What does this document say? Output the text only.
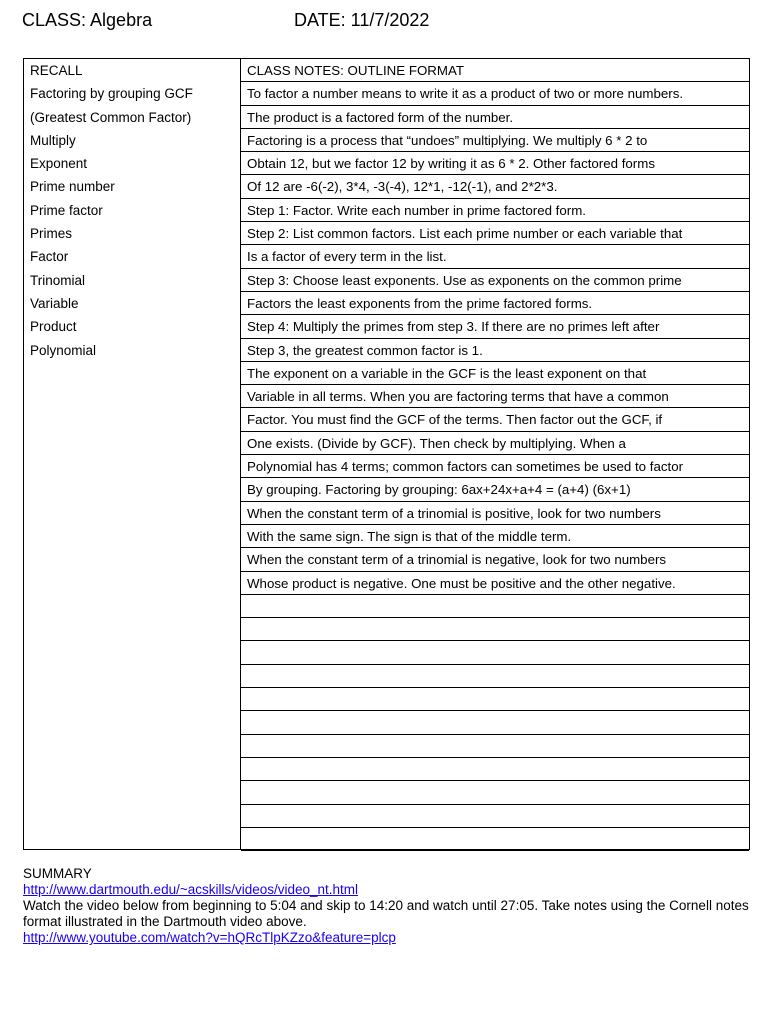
CLASS: Algebra	DATE: 11/7/2022
RECALL
Factoring by grouping GCF
(Greatest Common Factor)
Multiply
Exponent
Prime number
Prime factor
Primes
Factor
Trinomial
Variable
Product
Polynomial
CLASS NOTES: OUTLINE FORMAT
To factor a number means to write it as a product of two or more numbers.
The product is a factored form of the number.
Factoring is a process that “undoes” multiplying. We multiply 6 * 2 to
Obtain 12, but we factor 12 by writing it as 6 * 2. Other factored forms
Of 12 are -6(-2), 3*4, -3(-4), 12*1, -12(-1), and 2*2*3.
Step 1: Factor. Write each number in prime factored form.
Step 2: List common factors. List each prime number or each variable that
Is a factor of every term in the list.
Step 3: Choose least exponents. Use as exponents on the common prime
Factors the least exponents from the prime factored forms.
Step 4: Multiply the primes from step 3. If there are no primes left after
Step 3, the greatest common factor is 1.
The exponent on a variable in the GCF is the least exponent on that
Variable in all terms. When you are factoring terms that have a common
Factor. You must find the GCF of the terms. Then factor out the GCF, if
One exists. (Divide by GCF). Then check by multiplying. When a
Polynomial has 4 terms; common factors can sometimes be used to factor
By grouping. Factoring by grouping: 6ax+24x+a+4 = (a+4) (6x+1)
When the constant term of a trinomial is positive, look for two numbers
With the same sign. The sign is that of the middle term.
When the constant term of a trinomial is negative, look for two numbers
Whose product is negative. One must be positive and the other negative.
SUMMARY
http://www.dartmouth.edu/~acskills/videos/video_nt.html
Watch the video below from beginning to 5:04 and skip to 14:20 and watch until 27:05. Take notes using the Cornell notes format illustrated in the Dartmouth video above.
http://www.youtube.com/watch?v=hQRcTlpKZzo&feature=plcp
